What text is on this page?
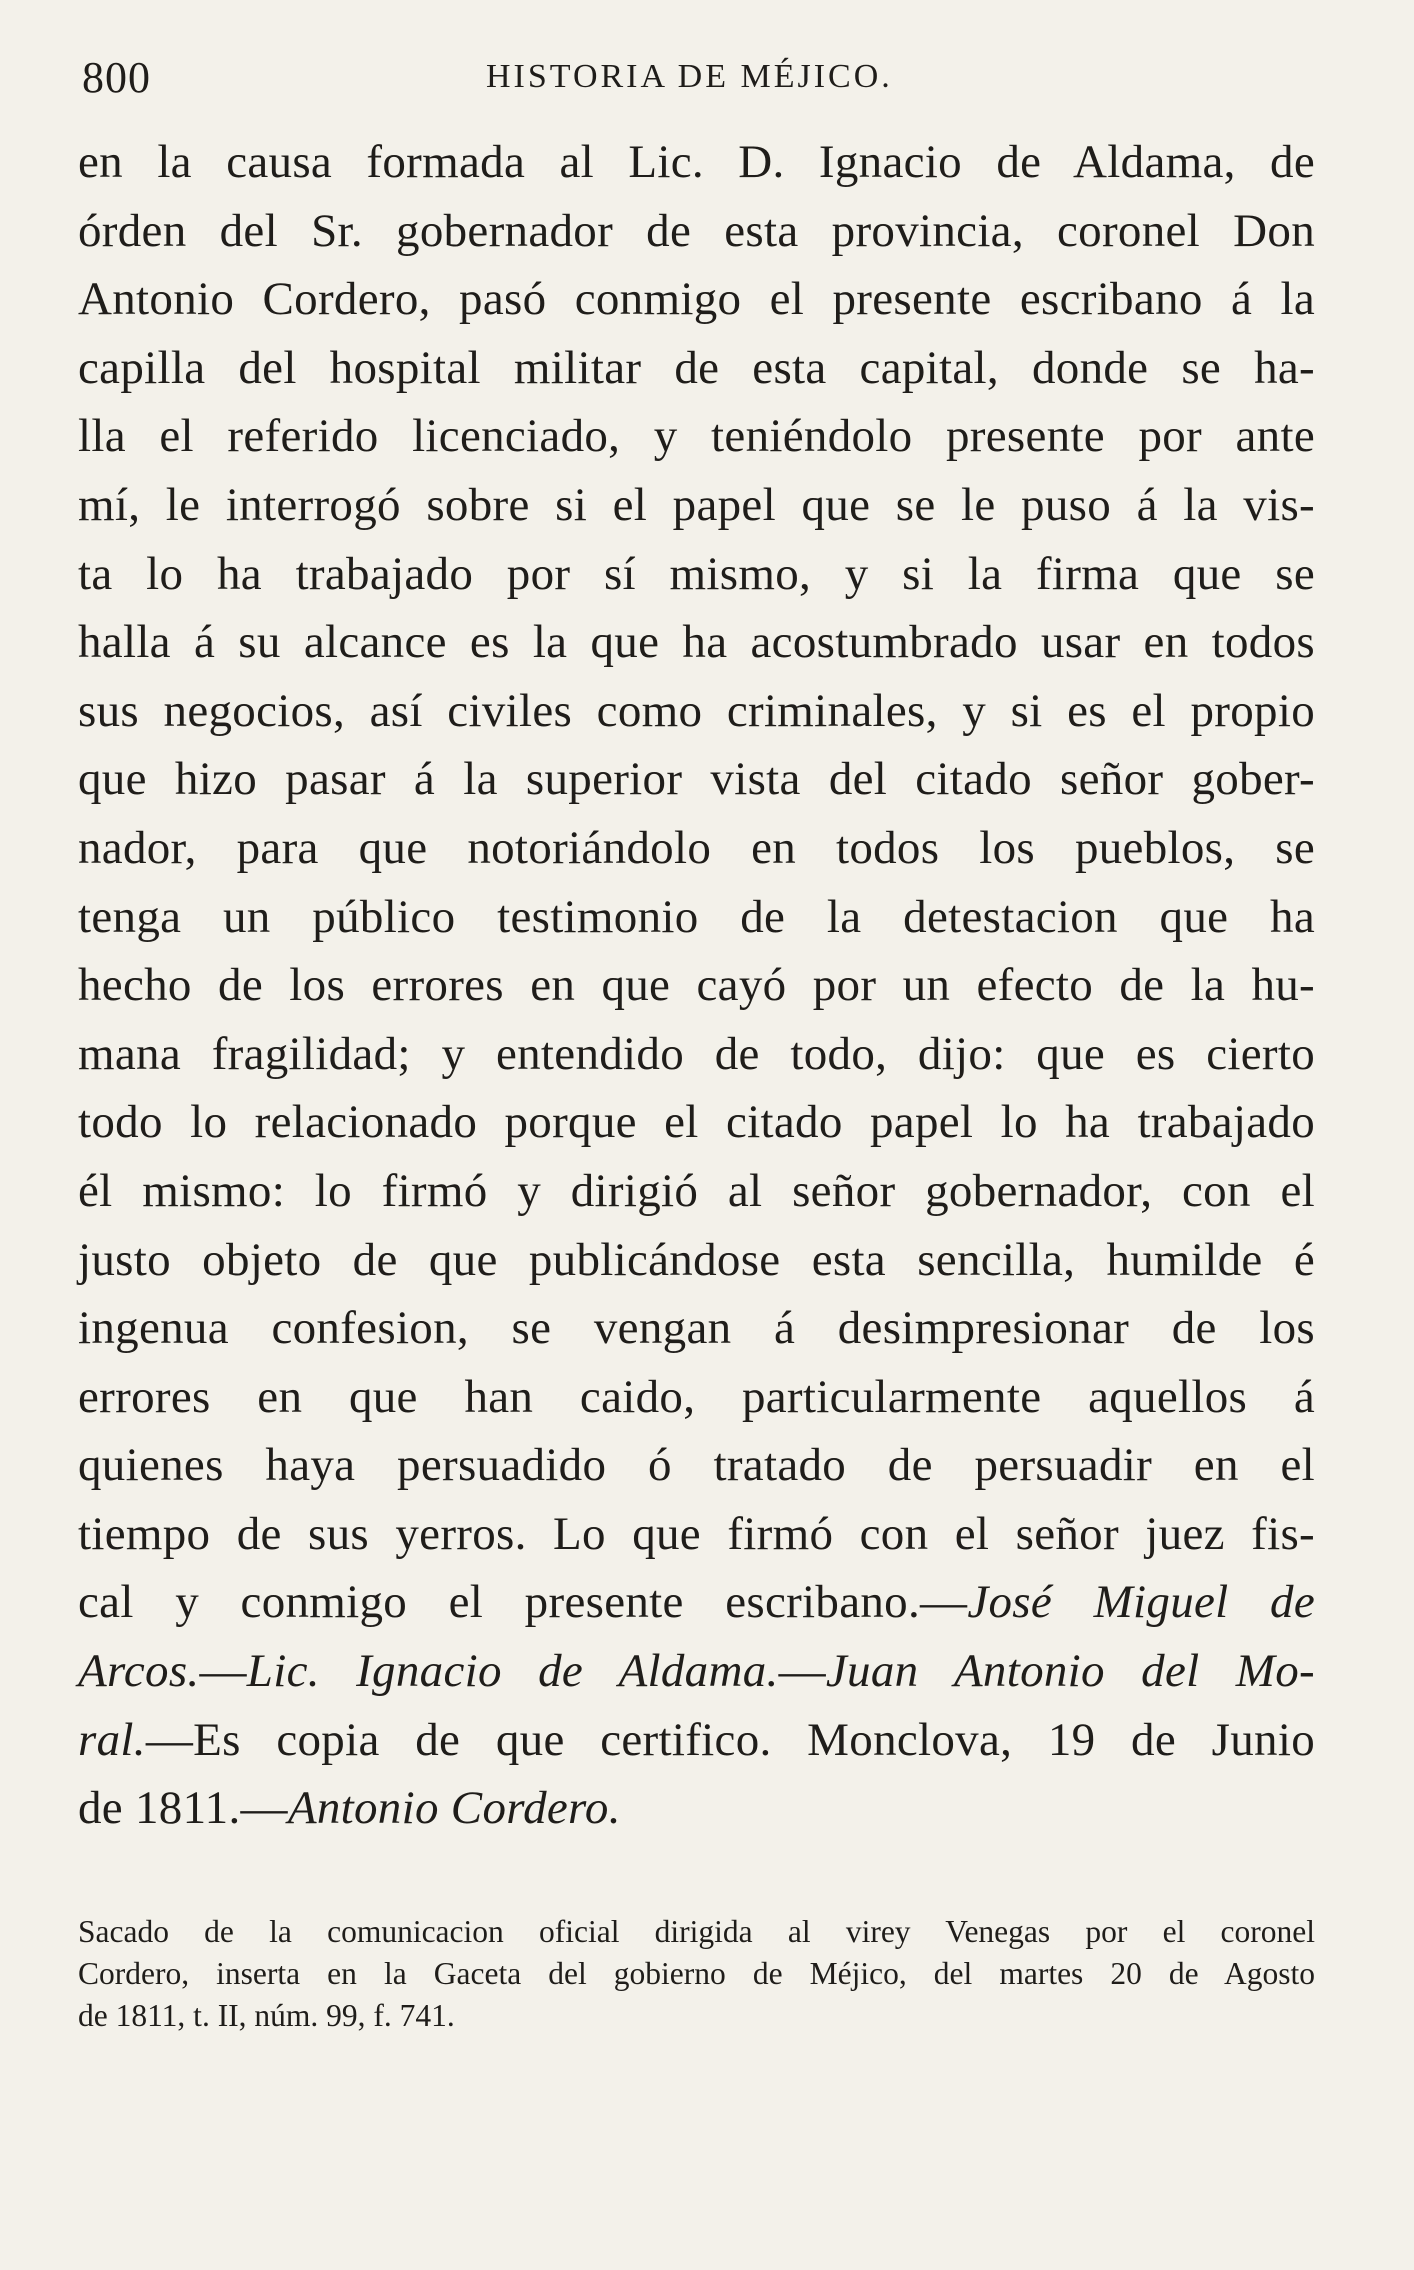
800	HISTORIA DE MÉJICO.
en la causa formada al Lic. D. Ignacio de Aldama, de
órden del Sr. gobernador de esta provincia, coronel Don
Antonio Cordero, pasó conmigo el presente escribano á la
capilla del hospital militar de esta capital, donde se ha-
lla el referido licenciado, y teniéndolo presente por ante
mí, le interrogó sobre si el papel que se le puso á la vis-
ta lo ha trabajado por sí mismo, y si la firma que se
halla á su alcance es la que ha acostumbrado usar en todos
sus negocios, así civiles como criminales, y si es el propio
que hizo pasar á la superior vista del citado señor gober-
nador, para que notoriándolo en todos los pueblos, se
tenga un público testimonio de la detestacion que ha
hecho de los errores en que cayó por un efecto de la hu-
mana fragilidad; y entendido de todo, dijo: que es cierto
todo lo relacionado porque el citado papel lo ha trabajado
él mismo: lo firmó y dirigió al señor gobernador, con el
justo objeto de que publicándose esta sencilla, humilde é
ingenua confesion, se vengan á desimpresionar de los
errores en que han caido, particularmente aquellos á
quienes haya persuadido ó tratado de persuadir en el
tiempo de sus yerros. Lo que firmó con el señor juez fis-
cal y conmigo el presente escribano.—José Miguel de
Arcos.—Lic. Ignacio de Aldama.—Juan Antonio del Mo-
ral.—Es copia de que certifico. Monclova, 19 de Junio
de 1811.—Antonio Cordero.
Sacado de la comunicacion oficial dirigida al virey Venegas por el coronel
Cordero, inserta en la Gaceta del gobierno de Méjico, del martes 20 de Agosto
de 1811, t. II, núm. 99, f. 741.
